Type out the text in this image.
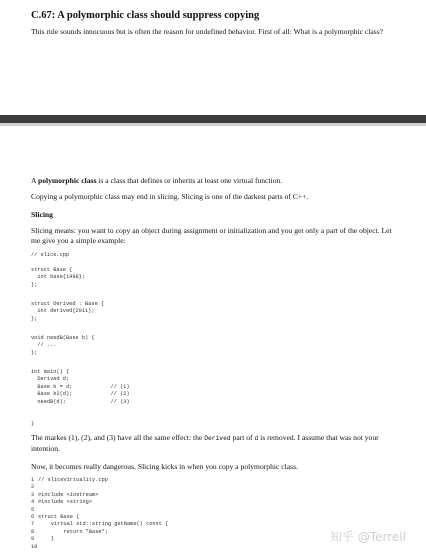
C.67: A polymorphic class should suppress copying
This rule sounds innocuous but is often the reason for undefined behavior. First of all: What is a polymorphic class?
A polymorphic class is a class that defines or inherits at least one virtual function.
Copying a polymorphic class may end in slicing. Slicing is one of the darkest parts of C++.
Slicing
Slicing means: you want to copy an object during assignment or initialization and you get only a part of the object. Let me give you a simple example:
// slice.cpp
struct Base {
int base{1998};
};
struct Derived : Base {
int derived{2011};
};
void needB(Base b) {
// ...
};
int main() {
Derived d;
Base b = d;            // (1)
Base b2(d);            // (2)
needB(d);              // (3)
}
The markes (1), (2), and (3) have all the same effect: the Derived part of d is removed. I assume that was not your intention.
Now, it becomes really dangerous. Slicing kicks in when you copy a polymorphic class.
1 // sliceVirtuality.cpp
2
3 #include <iostream>
4 #include <string>
5
6 struct Base {
7    virtual std::string getName() const {
8        return "Base";
9    }
10
知乎 @Terrell
